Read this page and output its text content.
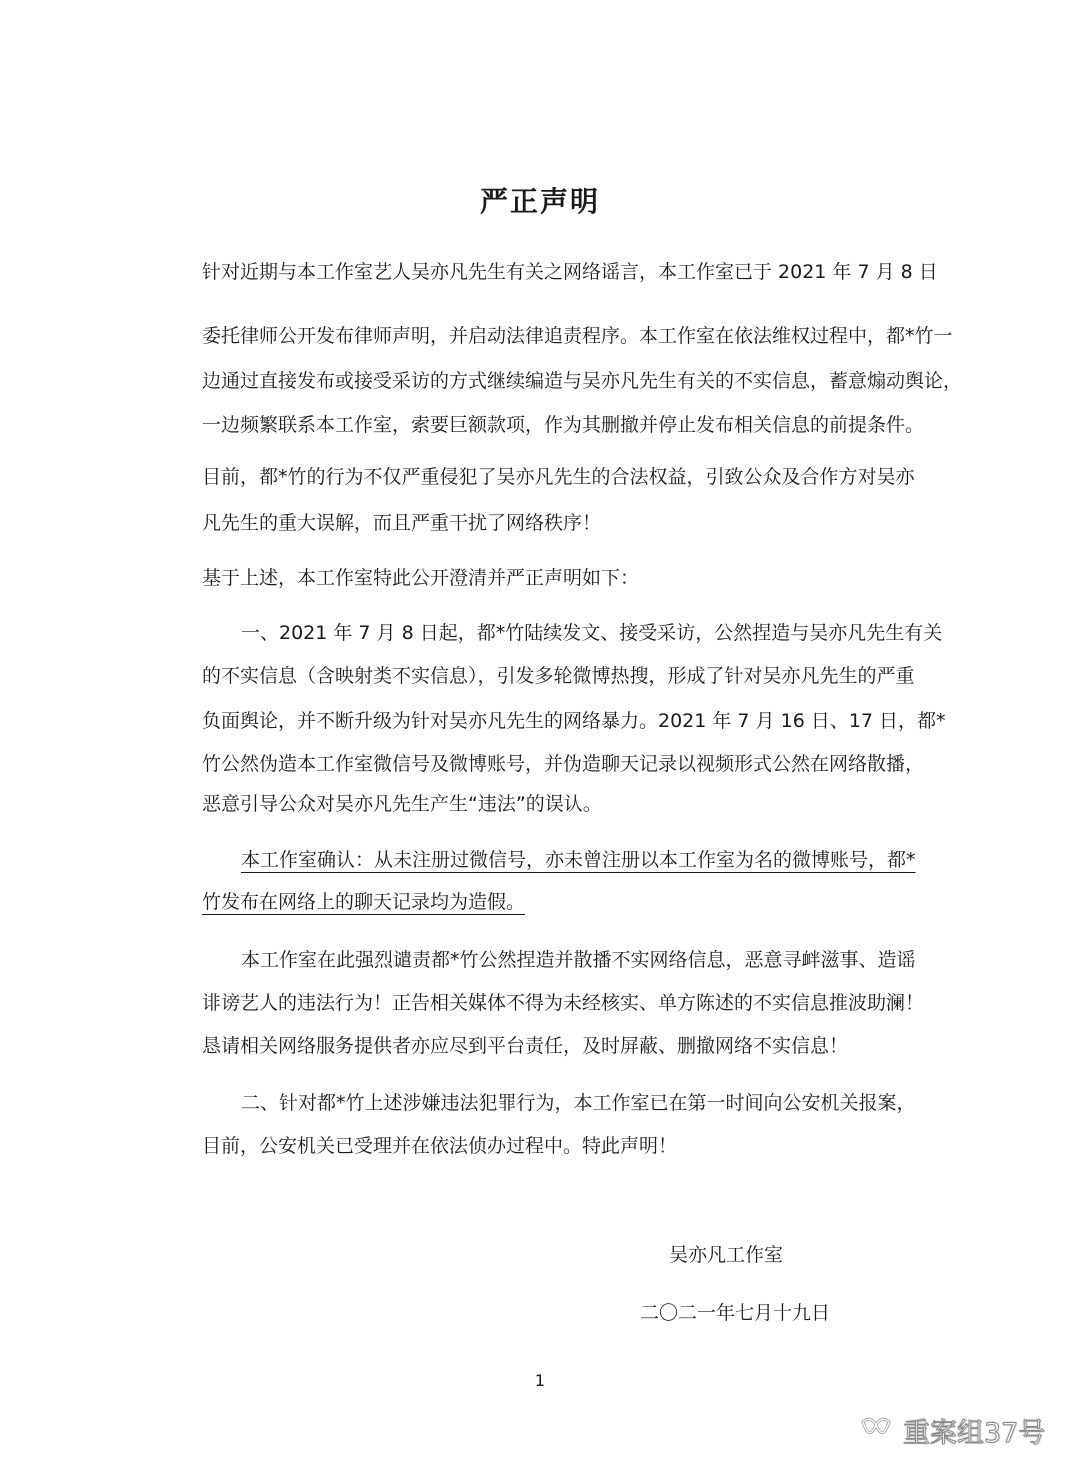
严正声明
针对近期与本工作室艺人吴亦凡先生有关之网络谣言，本工作室已于 2021 年 7 月 8 日
委托律师公开发布律师声明，并启动法律追责程序。本工作室在依法维权过程中，都*竹一
边通过直接发布或接受采访的方式继续编造与吴亦凡先生有关的不实信息，蓄意煽动舆论，
一边频繁联系本工作室，索要巨额款项，作为其删撤并停止发布相关信息的前提条件。
目前，都*竹的行为不仅严重侵犯了吴亦凡先生的合法权益，引致公众及合作方对吴亦
凡先生的重大误解，而且严重干扰了网络秩序！
基于上述，本工作室特此公开澄清并严正声明如下：
一、2021 年 7 月 8 日起，都*竹陆续发文、接受采访，公然捏造与吴亦凡先生有关
的不实信息（含映射类不实信息），引发多轮微博热搜，形成了针对吴亦凡先生的严重
负面舆论，并不断升级为针对吴亦凡先生的网络暴力。2021 年 7 月 16 日、17 日，都*
竹公然伪造本工作室微信号及微博账号，并伪造聊天记录以视频形式公然在网络散播，
恶意引导公众对吴亦凡先生产生“违法”的误认。
本工作室确认：从未注册过微信号，亦未曾注册以本工作室为名的微博账号，都*
竹发布在网络上的聊天记录均为造假。
本工作室在此强烈谴责都*竹公然捏造并散播不实网络信息，恶意寻衅滋事、造谣
诽谤艺人的违法行为！正告相关媒体不得为未经核实、单方陈述的不实信息推波助澜！
恳请相关网络服务提供者亦应尽到平台责任，及时屏蔽、删撤网络不实信息！
二、针对都*竹上述涉嫌违法犯罪行为，本工作室已在第一时间向公安机关报案，
目前，公安机关已受理并在依法侦办过程中。特此声明！
吴亦凡工作室
二〇二一年七月十九日
1
重案组37号
